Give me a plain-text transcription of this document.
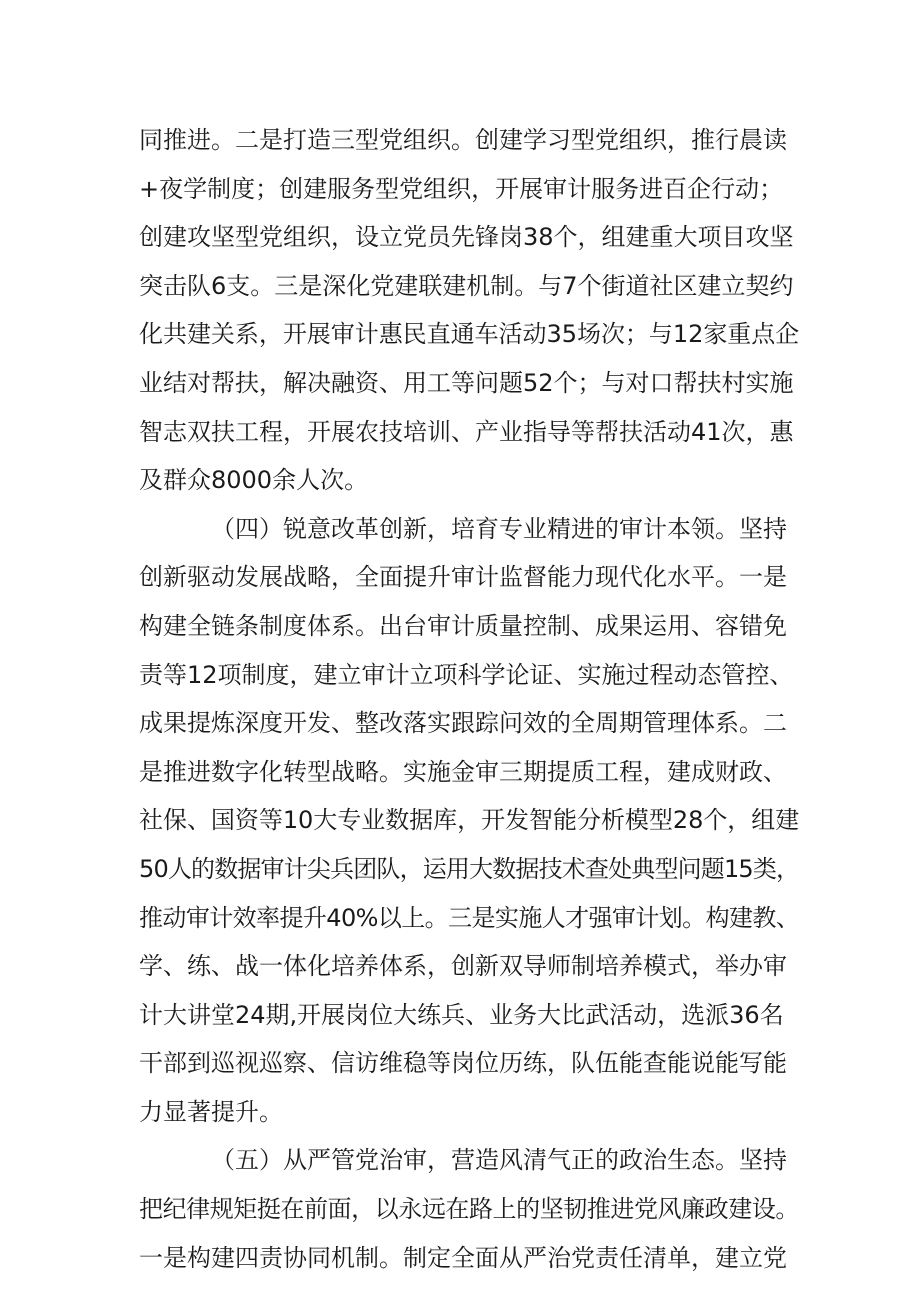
同推进。二是打造三型党组织。创建学习型党组织，推行晨读
+夜学制度；创建服务型党组织，开展审计服务进百企行动；
创建攻坚型党组织，设立党员先锋岗38个，组建重大项目攻坚
突击队6支。三是深化党建联建机制。与7个街道社区建立契约
化共建关系，开展审计惠民直通车活动35场次；与12家重点企
业结对帮扶，解决融资、用工等问题52个；与对口帮扶村实施
智志双扶工程，开展农技培训、产业指导等帮扶活动41次，惠
及群众8000余人次。
（四）锐意改革创新，培育专业精进的审计本领。坚持
创新驱动发展战略，全面提升审计监督能力现代化水平。一是
构建全链条制度体系。出台审计质量控制、成果运用、容错免
责等12项制度，建立审计立项科学论证、实施过程动态管控、
成果提炼深度开发、整改落实跟踪问效的全周期管理体系。二
是推进数字化转型战略。实施金审三期提质工程，建成财政、
社保、国资等10大专业数据库，开发智能分析模型28个，组建
50人的数据审计尖兵团队，运用大数据技术查处典型问题15类，
推动审计效率提升40%以上。三是实施人才强审计划。构建教、
学、练、战一体化培养体系，创新双导师制培养模式，举办审
计大讲堂24期,开展岗位大练兵、业务大比武活动，选派36名
干部到巡视巡察、信访维稳等岗位历练，队伍能查能说能写能
力显著提升。
（五）从严管党治审，营造风清气正的政治生态。坚持
把纪律规矩挺在前面，以永远在路上的坚韧推进党风廉政建设。
一是构建四责协同机制。制定全面从严治党责任清单，建立党
